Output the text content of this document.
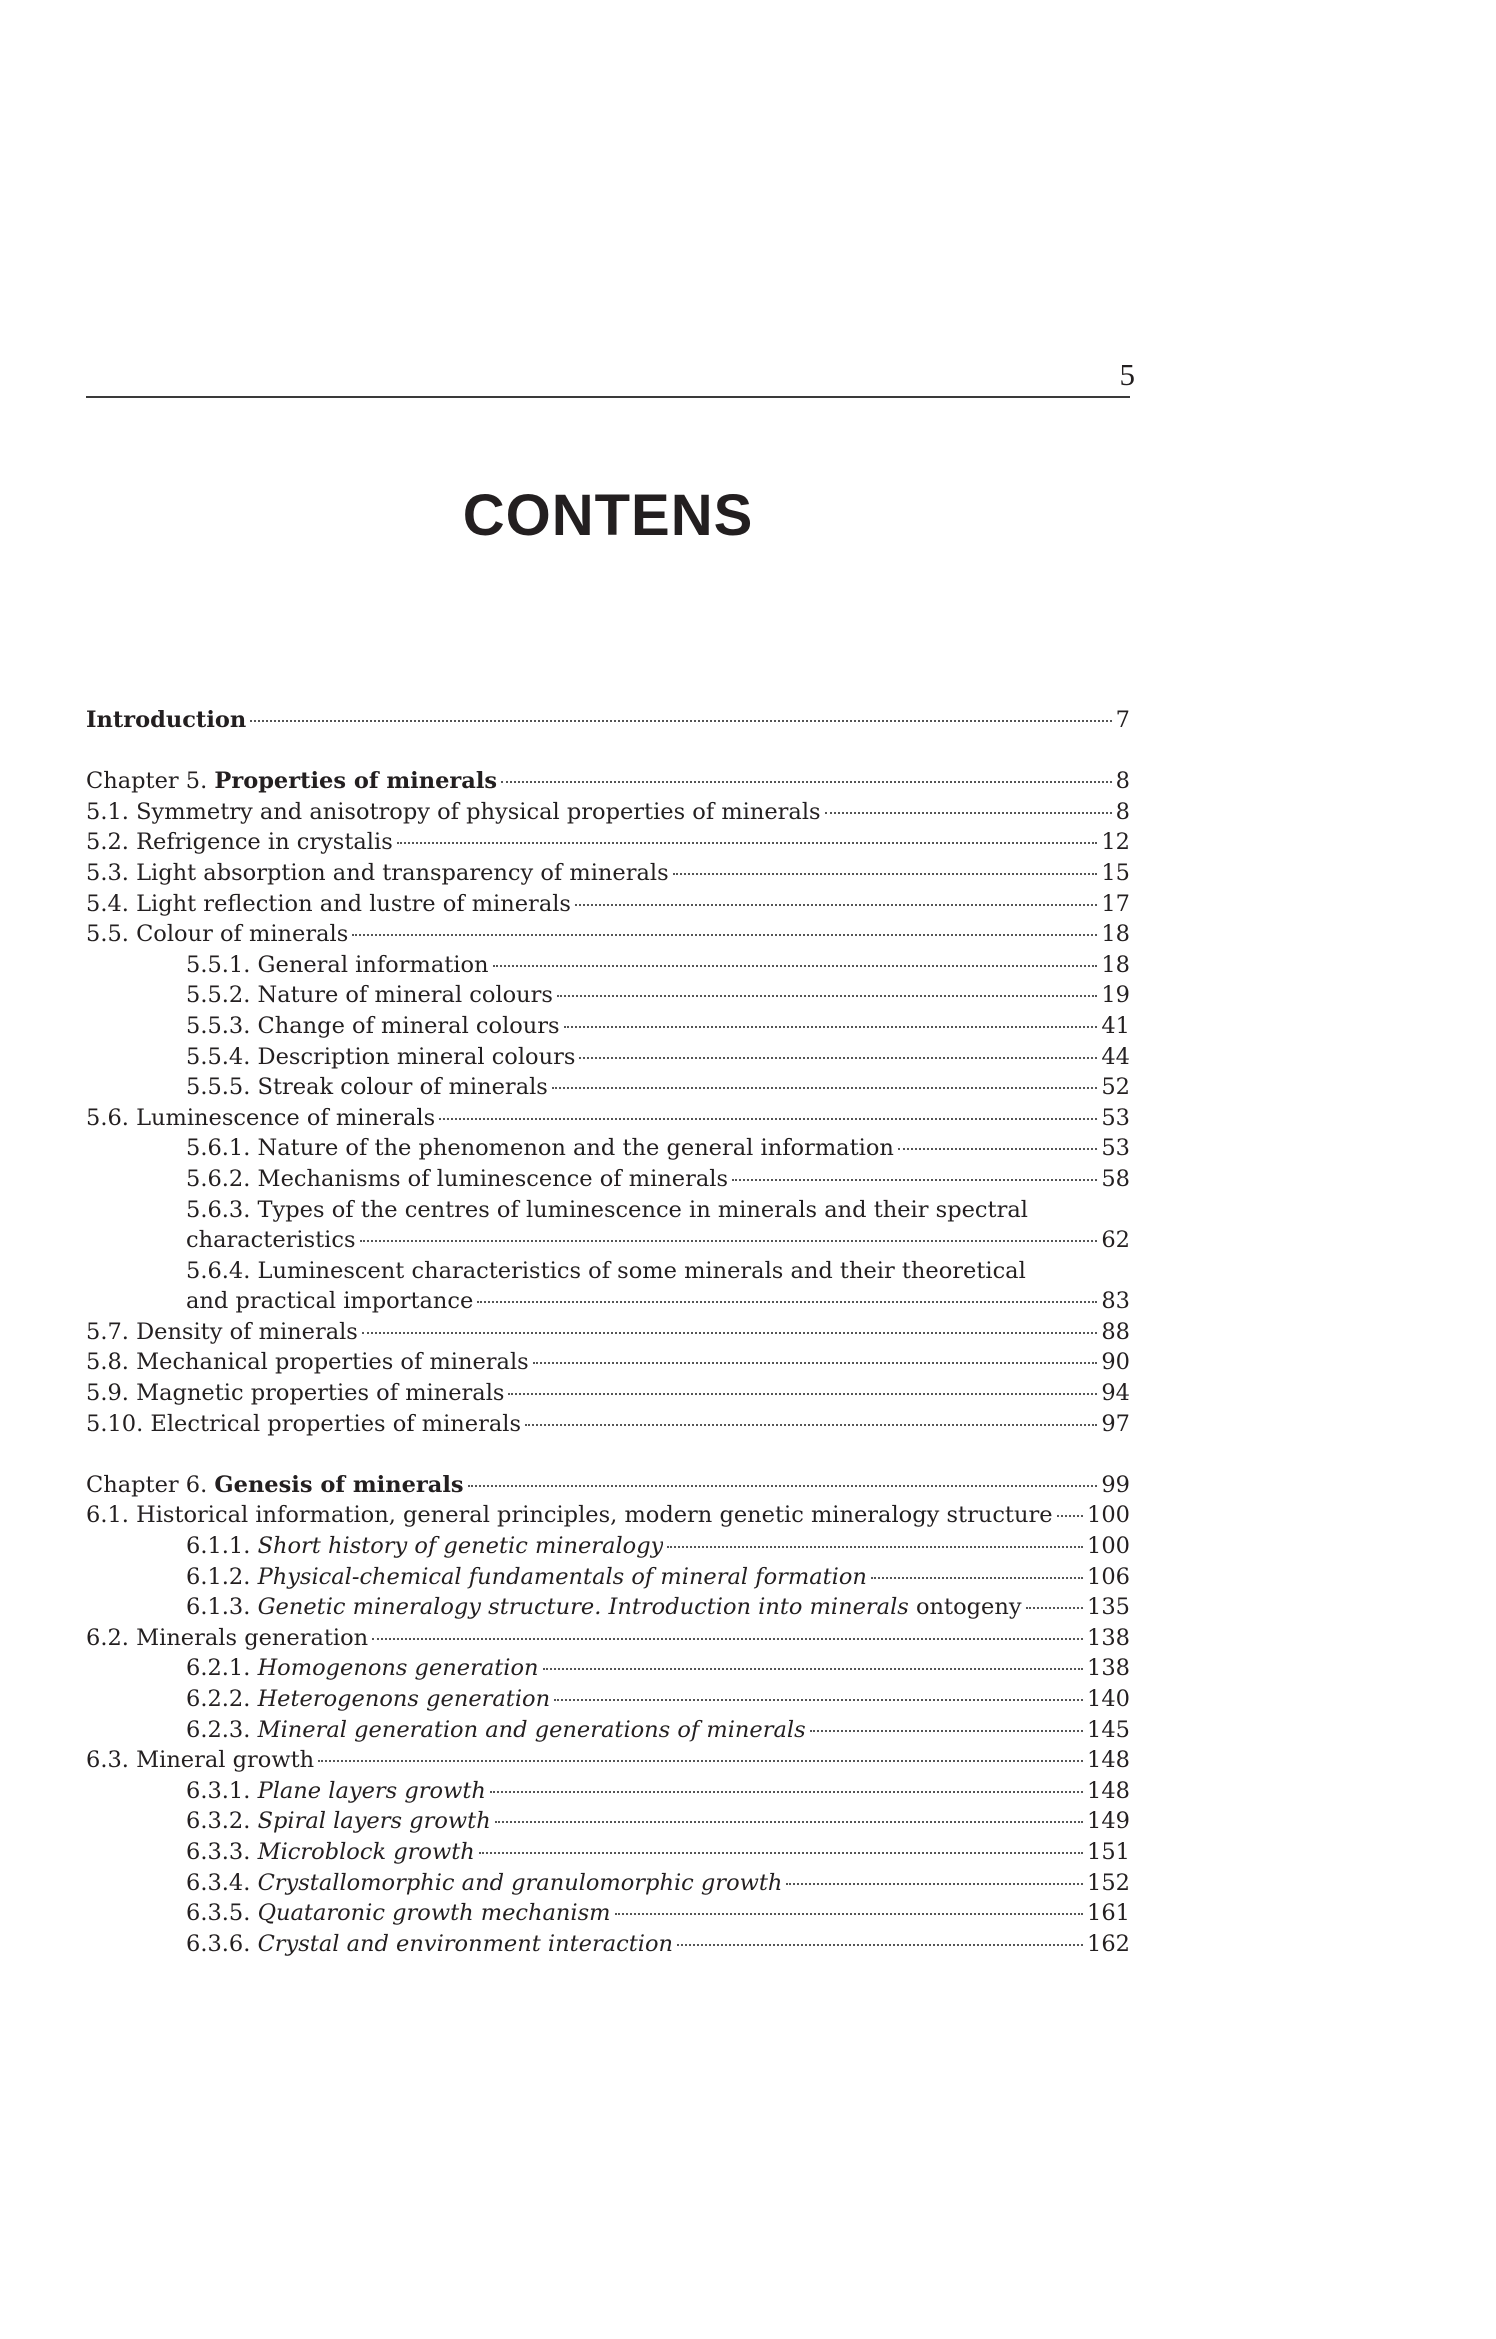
5
CONTENS
Introduction	7
Chapter 5. Properties of minerals	8
5.1. Symmetry and anisotropy of physical properties of minerals	8
5.2. Refrigence in crystalis	12
5.3. Light absorption and transparency of minerals	15
5.4. Light reflection and lustre of minerals	17
5.5. Colour of minerals	18
5.5.1. General information	18
5.5.2. Nature of mineral colours	19
5.5.3. Change of mineral colours	41
5.5.4. Description mineral colours	44
5.5.5. Streak colour of minerals	52
5.6. Luminescence of minerals	53
5.6.1. Nature of the phenomenon and the general information	53
5.6.2. Mechanisms of luminescence of minerals	58
5.6.3. Types of the centres of luminescence in minerals and their spectral
characteristics	62
5.6.4. Luminescent characteristics of some minerals and their theoretical
and practical importance	83
5.7. Density of minerals	88
5.8. Mechanical properties of minerals	90
5.9. Magnetic properties of minerals	94
5.10. Electrical properties of minerals	97
Chapter 6. Genesis of minerals	99
6.1. Historical information, general principles, modern genetic mineralogy structure 100
6.1.1. Short history of genetic mineralogy	100
6.1.2. Physical-chemical fundamentals of mineral formation	106
6.1.3. Genetic mineralogy structure. Introduction into minerals ontogeny	135
6.2. Minerals generation	138
6.2.1. Homogenons generation	138
6.2.2. Heterogenons generation	140
6.2.3. Mineral generation and generations of minerals	145
6.3. Mineral growth	148
6.3.1. Plane layers growth	148
6.3.2. Spiral layers growth	149
6.3.3. Microblock growth	151
6.3.4. Crystallomorphic and granulomorphic growth	152
6.3.5. Quataronic growth mechanism	161
6.3.6. Crystal and environment interaction	162
